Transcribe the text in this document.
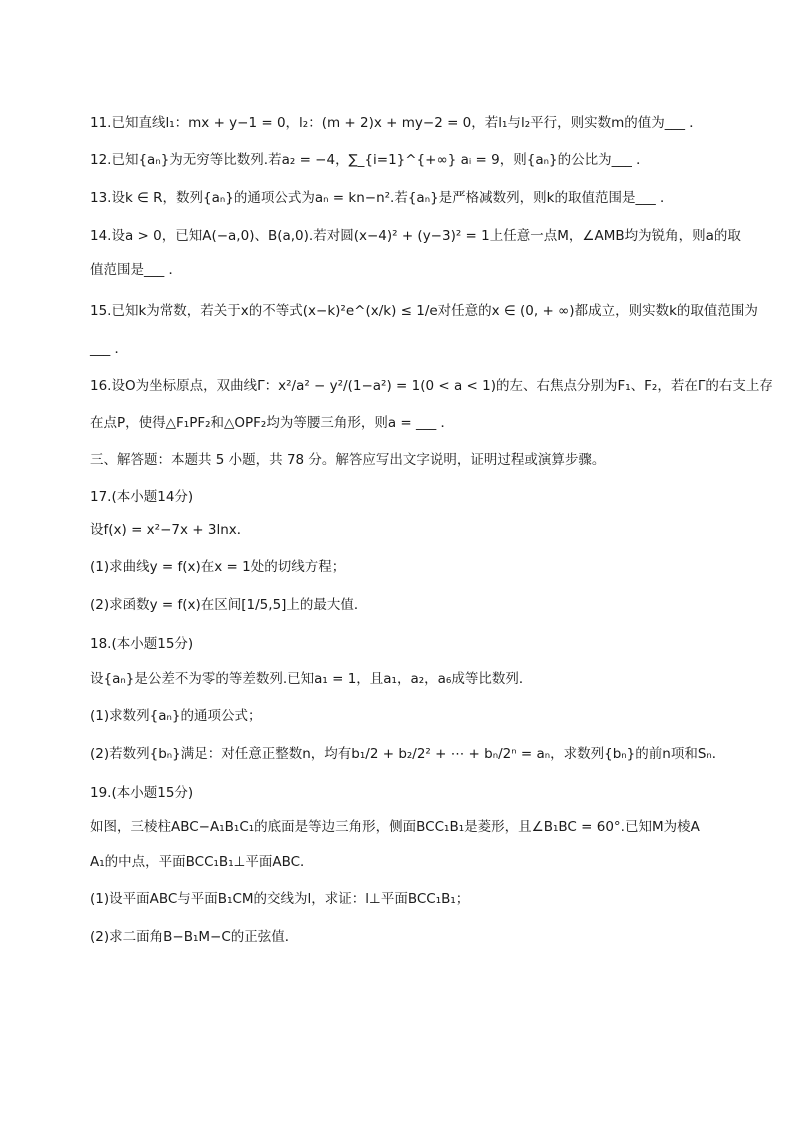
11.已知直线l₁：mx + y−1 = 0，l₂：(m + 2)x + my−2 = 0，若l₁与l₂平行，则实数m的值为___ ．
12.已知{aₙ}为无穷等比数列.若a₂ = −4，∑_{i=1}^{+∞} aᵢ = 9，则{aₙ}的公比为___ ．
13.设k ∈ R，数列{aₙ}的通项公式为aₙ = kn−n².若{aₙ}是严格减数列，则k的取值范围是___ ．
14.设a > 0，已知A(−a,0)、B(a,0).若对圆(x−4)² + (y−3)² = 1上任意一点M，∠AMB均为锐角，则a的取
值范围是___ ．
15.已知k为常数，若关于x的不等式(x−k)²e^(x/k) ≤ 1/e对任意的x ∈ (0, + ∞)都成立，则实数k的取值范围为
___ ．
16.设O为坐标原点，双曲线Γ：x²/a² − y²/(1−a²) = 1(0 < a < 1)的左、右焦点分别为F₁、F₂，若在Γ的右支上存
在点P，使得△F₁PF₂和△OPF₂均为等腰三角形，则a = ___ ．
三、解答题：本题共 5 小题，共 78 分。解答应写出文字说明，证明过程或演算步骤。
17.(本小题14分)
设f(x) = x²−7x + 3lnx．
(1)求曲线y = f(x)在x = 1处的切线方程；
(2)求函数y = f(x)在区间[1/5,5]上的最大值．
18.(本小题15分)
设{aₙ}是公差不为零的等差数列.已知a₁ = 1，且a₁，a₂，a₆成等比数列．
(1)求数列{aₙ}的通项公式；
(2)若数列{bₙ}满足：对任意正整数n，均有b₁/2 + b₂/2² + ⋯ + bₙ/2ⁿ = aₙ，求数列{bₙ}的前n项和Sₙ．
19.(本小题15分)
如图，三棱柱ABC−A₁B₁C₁的底面是等边三角形，侧面BCC₁B₁是菱形，且∠B₁BC = 60°.已知M为棱A
A₁的中点，平面BCC₁B₁⊥平面ABC．
(1)设平面ABC与平面B₁CM的交线为l，求证：l⊥平面BCC₁B₁；
(2)求二面角B−B₁M−C的正弦值．
